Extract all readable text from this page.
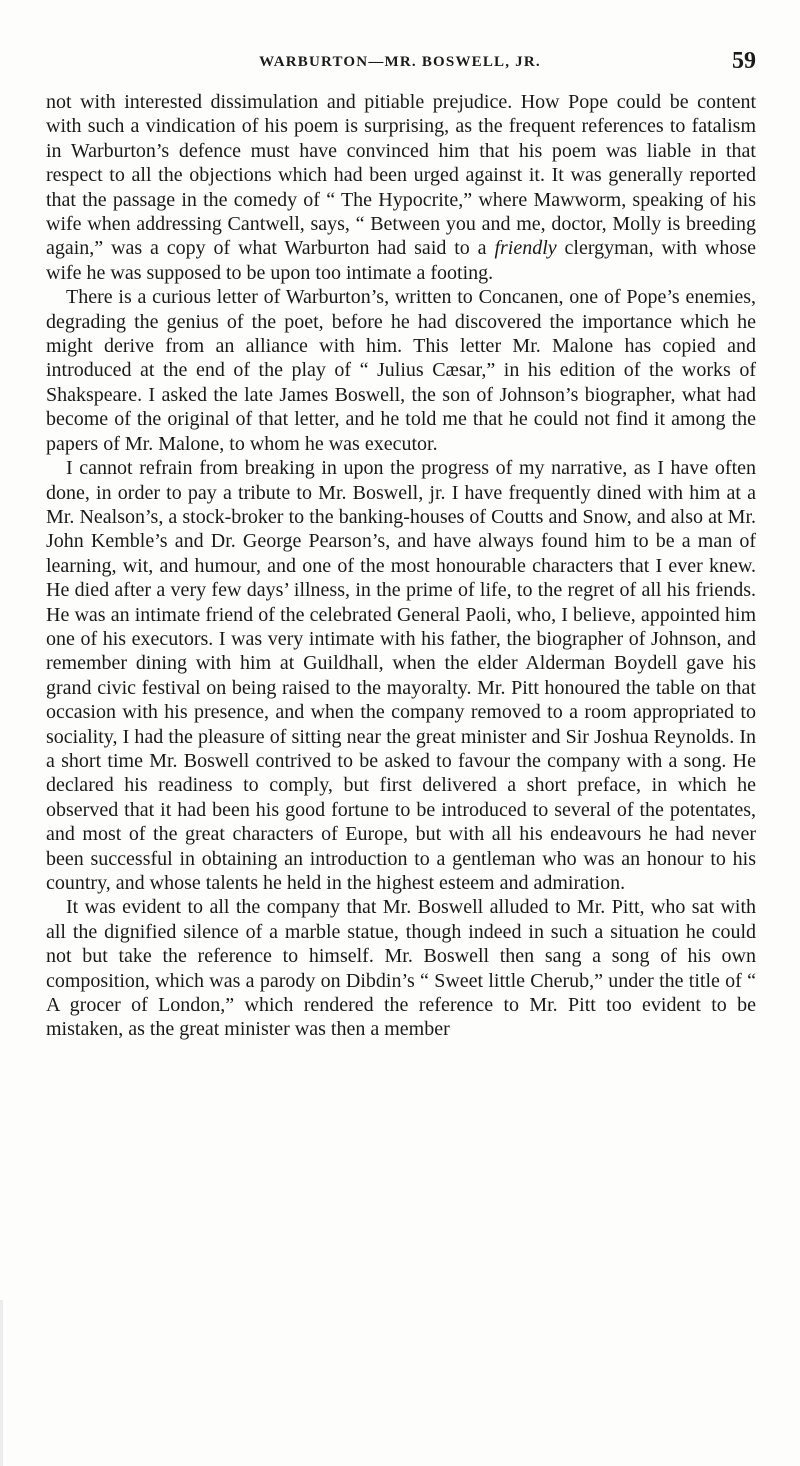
WARBURTON—MR. BOSWELL, JR.	59

not with interested dissimulation and pitiable prejudice. How Pope could be content with such a vindication of his poem is surprising, as the frequent references to fatalism in Warburton’s defence must have convinced him that his poem was liable in that respect to all the objections which had been urged against it. It was generally reported that the passage in the comedy of “ The Hypocrite,” where Mawworm, speaking of his wife when addressing Cantwell, says, “ Between you and me, doctor, Molly is breeding again,” was a copy of what Warburton had said to a friendly clergyman, with whose wife he was supposed to be upon too intimate a footing.

There is a curious letter of Warburton’s, written to Concanen, one of Pope’s enemies, degrading the genius of the poet, before he had discovered the importance which he might derive from an alliance with him. This letter Mr. Malone has copied and introduced at the end of the play of “ Julius Cæsar,” in his edition of the works of Shakspeare. I asked the late James Boswell, the son of Johnson’s biographer, what had become of the original of that letter, and he told me that he could not find it among the papers of Mr. Malone, to whom he was executor.

I cannot refrain from breaking in upon the progress of my narrative, as I have often done, in order to pay a tribute to Mr. Boswell, jr. I have frequently dined with him at a Mr. Nealson’s, a stock-broker to the banking-houses of Coutts and Snow, and also at Mr. John Kemble’s and Dr. George Pearson’s, and have always found him to be a man of learning, wit, and humour, and one of the most honourable characters that I ever knew. He died after a very few days’ illness, in the prime of life, to the regret of all his friends. He was an intimate friend of the celebrated General Paoli, who, I believe, appointed him one of his executors. I was very intimate with his father, the biographer of Johnson, and remember dining with him at Guildhall, when the elder Alderman Boydell gave his grand civic festival on being raised to the mayoralty. Mr. Pitt honoured the table on that occasion with his presence, and when the company removed to a room appropriated to sociality, I had the pleasure of sitting near the great minister and Sir Joshua Reynolds. In a short time Mr. Boswell contrived to be asked to favour the company with a song. He declared his readiness to comply, but first delivered a short preface, in which he observed that it had been his good fortune to be introduced to several of the potentates, and most of the great characters of Europe, but with all his endeavours he had never been successful in obtaining an introduction to a gentleman who was an honour to his country, and whose talents he held in the highest esteem and admiration.

It was evident to all the company that Mr. Boswell alluded to Mr. Pitt, who sat with all the dignified silence of a marble statue, though indeed in such a situation he could not but take the reference to himself. Mr. Boswell then sang a song of his own composition, which was a parody on Dibdin’s “ Sweet little Cherub,” under the title of “ A grocer of London,” which rendered the reference to Mr. Pitt too evident to be mistaken, as the great minister was then a member
